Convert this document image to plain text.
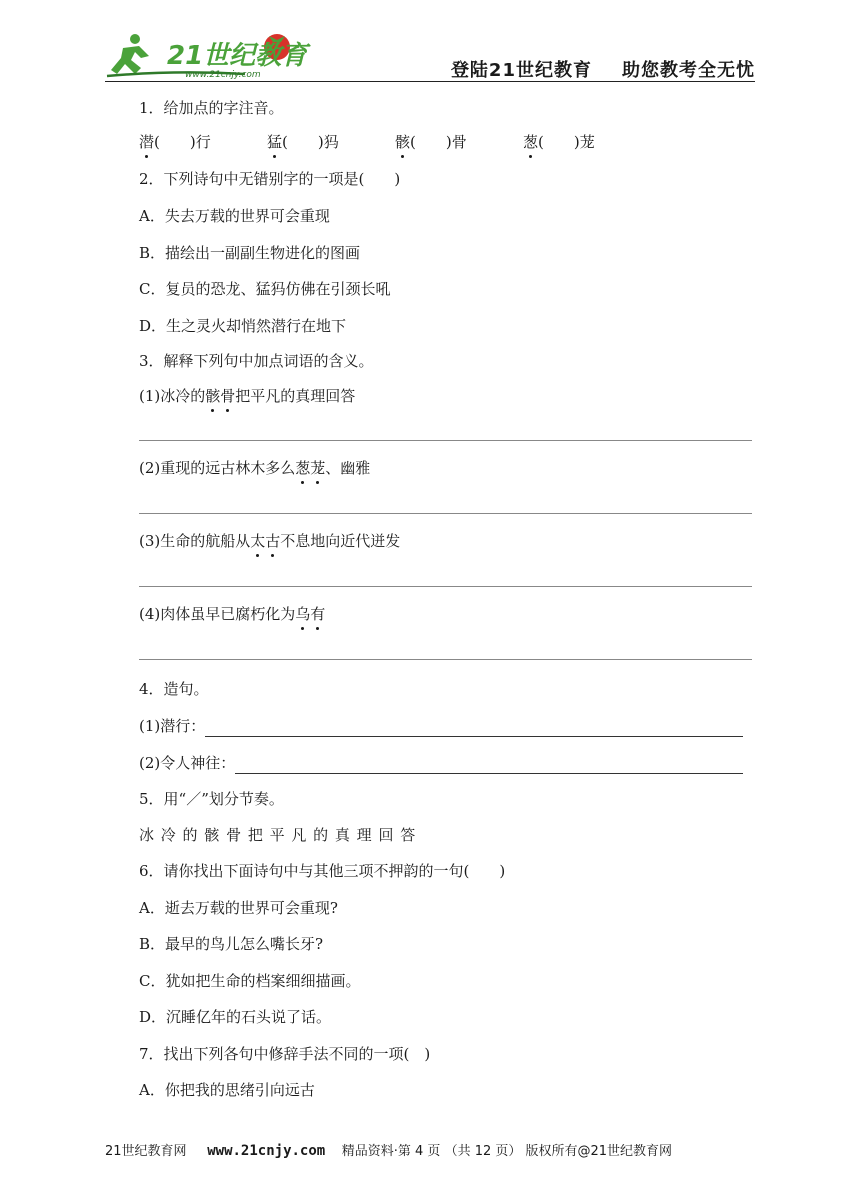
21世纪教育
www.21cnjy.com	登陆21世纪教育 助您教考全无忧
1．给加点的字注音。
潜(　　)行	猛(　　)犸	骸(　　)骨	葱(　　)茏
2．下列诗句中无错别字的一项是(　　)
A．失去万载的世界可会重现
B．描绘出一副副生物进化的图画
C．复员的恐龙、猛犸仿佛在引颈长吼
D．生之灵火却悄然潜行在地下
3．解释下列句中加点词语的含义。
(1)冰冷的骸骨把平凡的真理回答
(2)重现的远古林木多么葱茏、幽雅
(3)生命的航船从太古不息地向近代迸发
(4)肉体虽早已腐朽化为乌有
4．造句。
(1)潜行：
(2)令人神往：
5．用“／”划分节奏。
冰 冷 的 骸 骨 把 平 凡 的 真 理 回 答
6．请你找出下面诗句中与其他三项不押韵的一句(　　)
A．逝去万载的世界可会重现?
B．最早的鸟儿怎么嘴长牙?
C．犹如把生命的档案细细描画。
D．沉睡亿年的石头说了话。
7．找出下列各句中修辞手法不同的一项(　)
A．你把我的思绪引向远古
21世纪教育网 www.21cnjy.com 精品资料·第 4 页 （共 12 页） 版权所有@21世纪教育网
